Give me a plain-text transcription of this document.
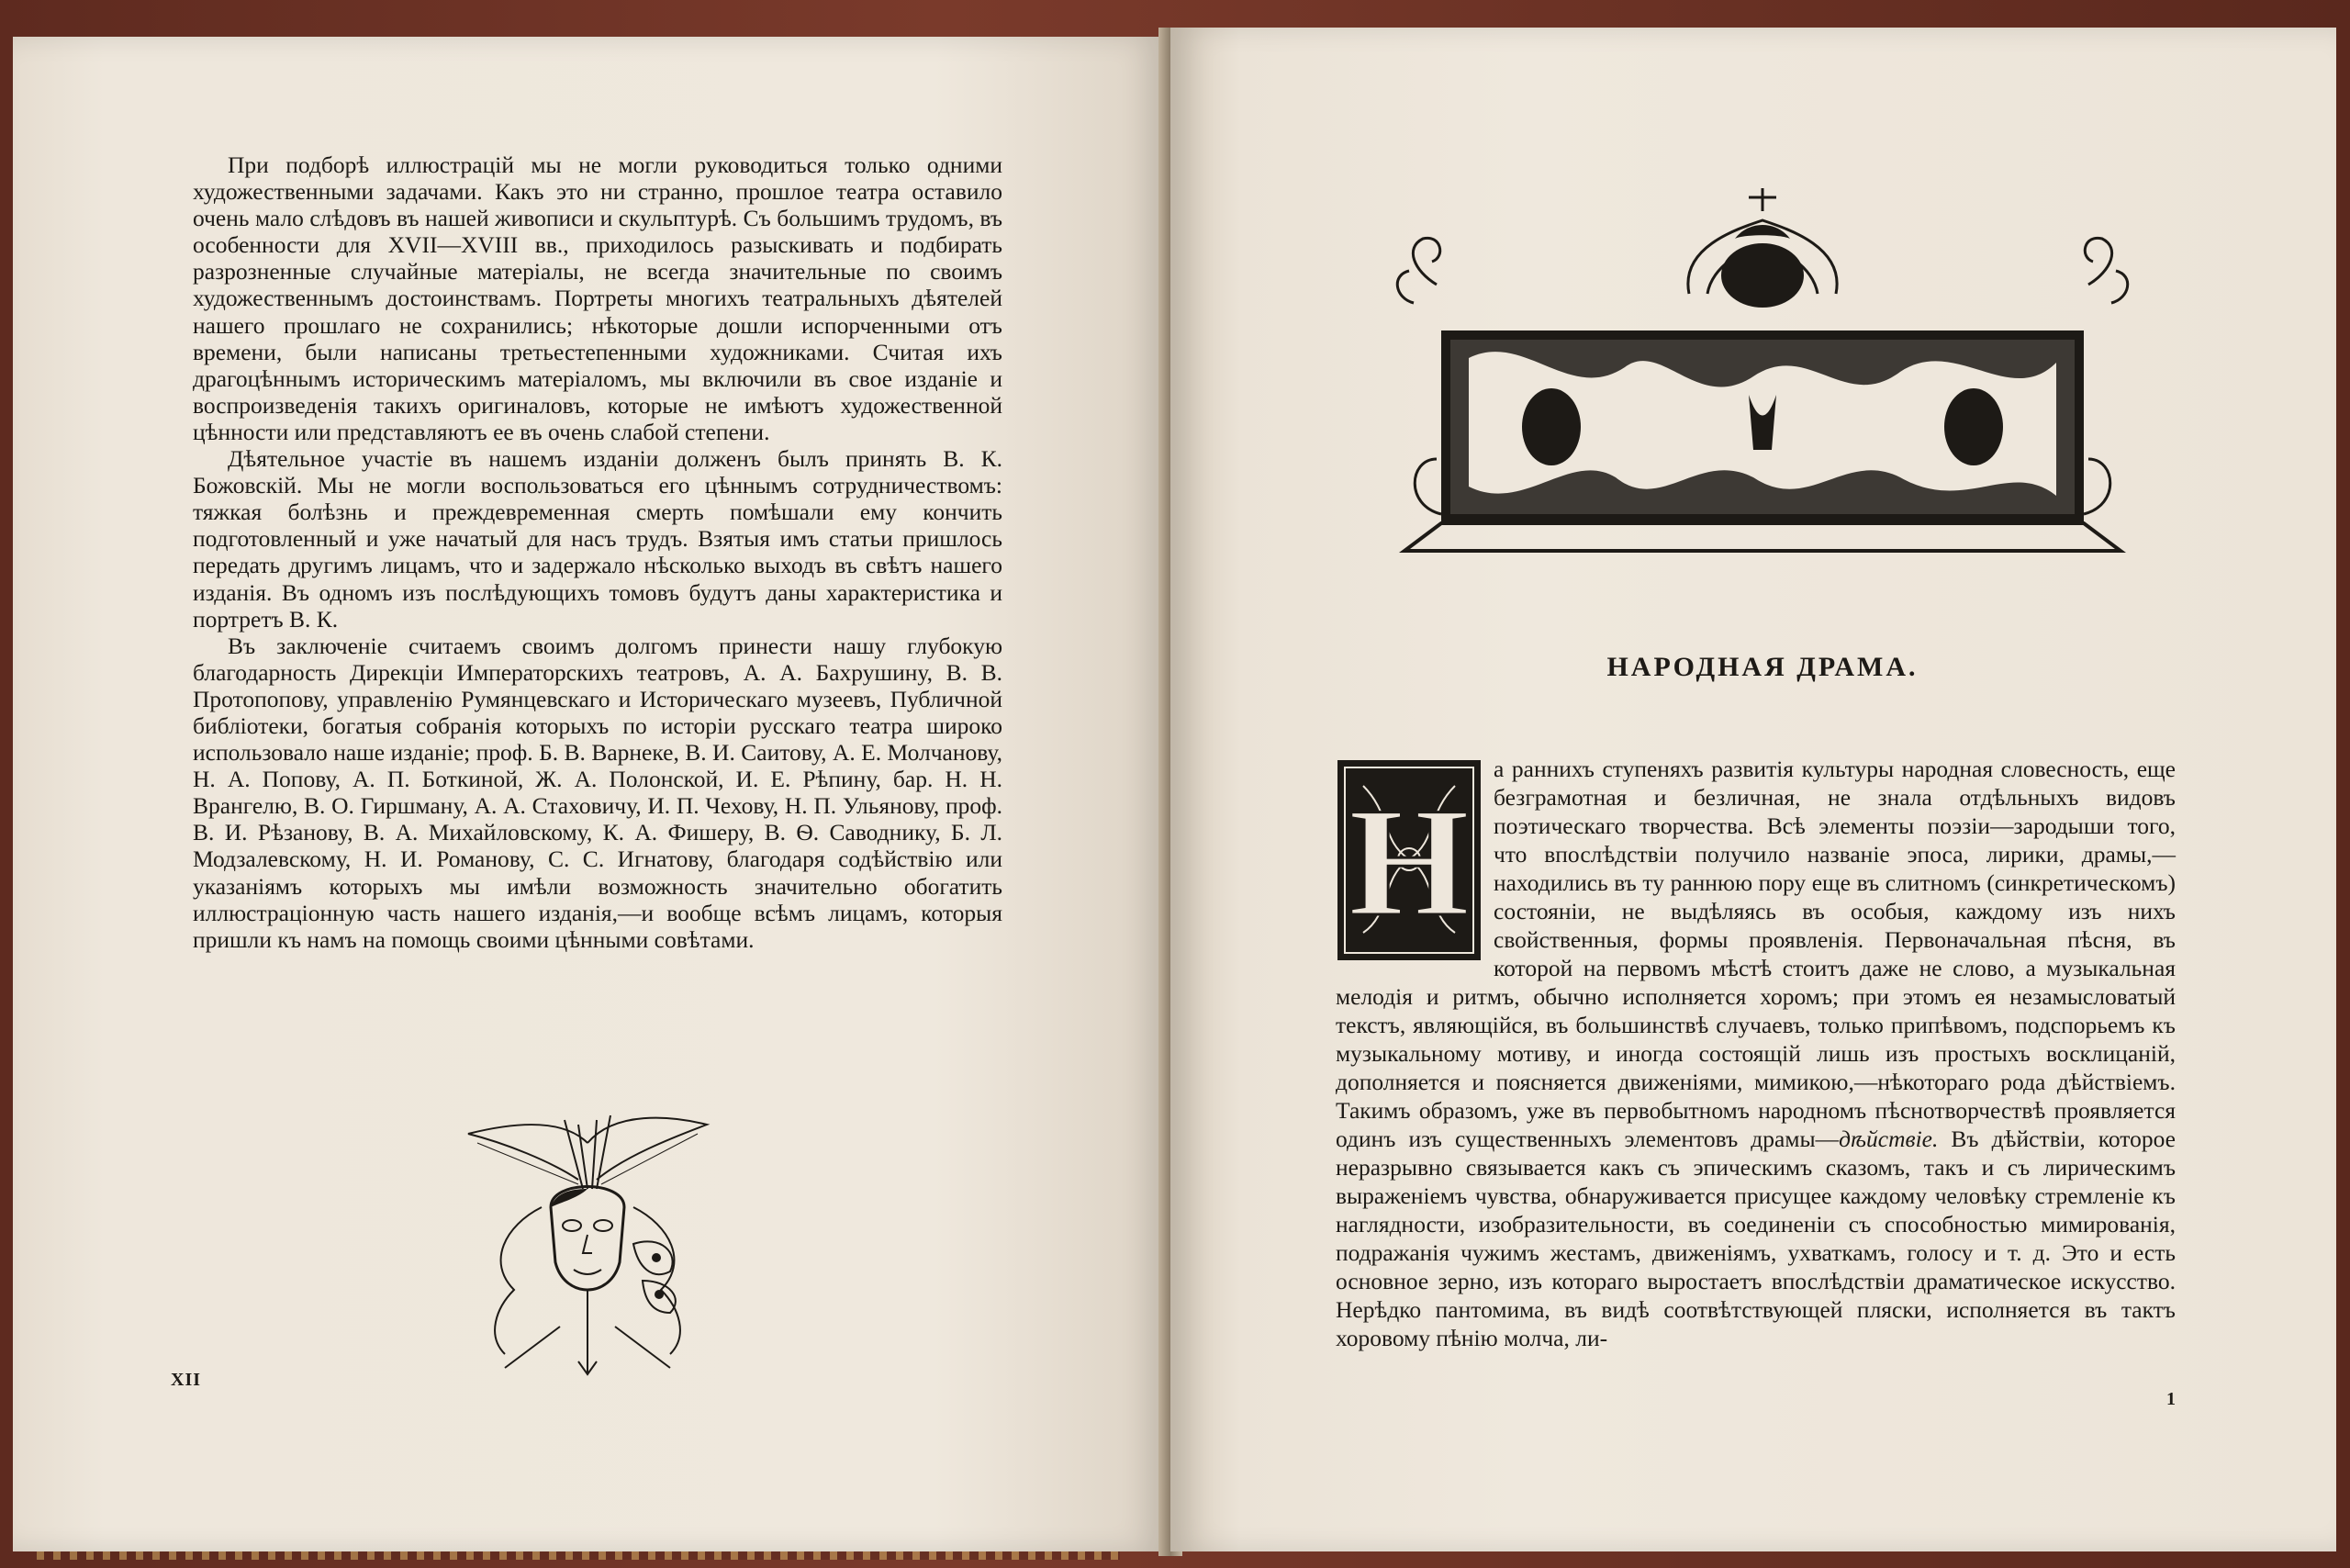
При подборѣ иллюстрацій мы не могли руководиться только одними художественными задачами. Какъ это ни странно, прошлое театра оставило очень мало слѣдовъ въ нашей живописи и скульптурѣ. Съ большимъ трудомъ, въ особенности для XVII—XVIII вв., приходилось разыскивать и подбирать разрозненные случайные матеріалы, не всегда значительные по своимъ художественнымъ достоинствамъ. Портреты многихъ театральныхъ дѣятелей нашего прошлаго не сохранились; нѣкоторые дошли испорченными отъ времени, были написаны третьестепенными художниками. Считая ихъ драгоцѣннымъ историческимъ матеріаломъ, мы включили въ свое изданіе и воспроизведенія такихъ оригиналовъ, которые не имѣютъ художественной цѣнности или представляютъ ее въ очень слабой степени.

Дѣятельное участіе въ нашемъ изданіи долженъ былъ принять В. К. Божовскій. Мы не могли воспользоваться его цѣннымъ сотрудничествомъ: тяжкая болѣзнь и преждевременная смерть помѣшали ему кончить подготовленный и уже начатый для насъ трудъ. Взятыя имъ статьи пришлось передать другимъ лицамъ, что и задержало нѣсколько выходъ въ свѣтъ нашего изданія. Въ одномъ изъ послѣдующихъ томовъ будутъ даны характеристика и портретъ В. К.

Въ заключеніе считаемъ своимъ долгомъ принести нашу глубокую благодарность Дирекціи Императорскихъ театровъ, А. А. Бахрушину, В. В. Протопопову, управленію Румянцевскаго и Историческаго музеевъ, Публичной библіотеки, богатыя собранія которыхъ по исторіи русскаго театра широко использовало наше изданіе; проф. Б. В. Варнеке, В. И. Саитову, А. Е. Молчанову, Н. А. Попову, А. П. Боткиной, Ж. А. Полонской, И. Е. Рѣпину, бар. Н. Н. Врангелю, В. О. Гиршману, А. А. Стаховичу, И. П. Чехову, Н. П. Ульянову, проф. В. И. Рѣзанову, В. А. Михайловскому, К. А. Фишеру, В. Ѳ. Саводнику, Б. Л. Модзалевскому, Н. И. Романову, С. С. Игнатову, благодаря содѣйствію или указаніямъ которыхъ мы имѣли возможность значительно обогатить иллюстраціонную часть нашего изданія,—и вообще всѣмъ лицамъ, которыя пришли къ намъ на помощь своими цѣнными совѣтами.

XII
НАРОДНАЯ ДРАМА.

а раннихъ ступеняхъ развитія культуры народная словесность, еще безграмотная и безличная, не знала отдѣльныхъ видовъ поэтическаго творчества. Всѣ элементы поэзіи—зародыши того, что впослѣдствіи получило названіе эпоса, лирики, драмы,—находились въ ту раннюю пору еще въ слитномъ (синкретическомъ) состояніи, не выдѣляясь въ особыя, каждому изъ нихъ свойственныя, формы проявленія. Первоначальная пѣсня, въ которой на первомъ мѣстѣ стоитъ даже не слово, а музыкальная мелодія и ритмъ, обычно исполняется хоромъ; при этомъ ея незамысловатый текстъ, являющійся, въ большинствѣ случаевъ, только припѣвомъ, подспорьемъ къ музыкальному мотиву, и иногда состоящій лишь изъ простыхъ восклицаній, дополняется и поясняется движеніями, мимикою,—нѣкотораго рода дѣйствіемъ. Такимъ образомъ, уже въ первобытномъ народномъ пѣснотворчествѣ проявляется одинъ изъ существенныхъ элементовъ драмы—дѣйствіе. Въ дѣйствіи, которое неразрывно связывается какъ съ эпическимъ сказомъ, такъ и съ лирическимъ выраженіемъ чувства, обнаруживается присущее каждому человѣку стремленіе къ наглядности, изобразительности, въ соединеніи съ способностью мимированія, подражанія чужимъ жестамъ, движеніямъ, ухваткамъ, голосу и т. д. Это и есть основное зерно, изъ котораго выростаетъ впослѣдствіи драматическое искусство. Нерѣдко пантомима, въ видѣ соотвѣтствующей пляски, исполняется въ тактъ хоровому пѣнію молча, ли-

Н
1
